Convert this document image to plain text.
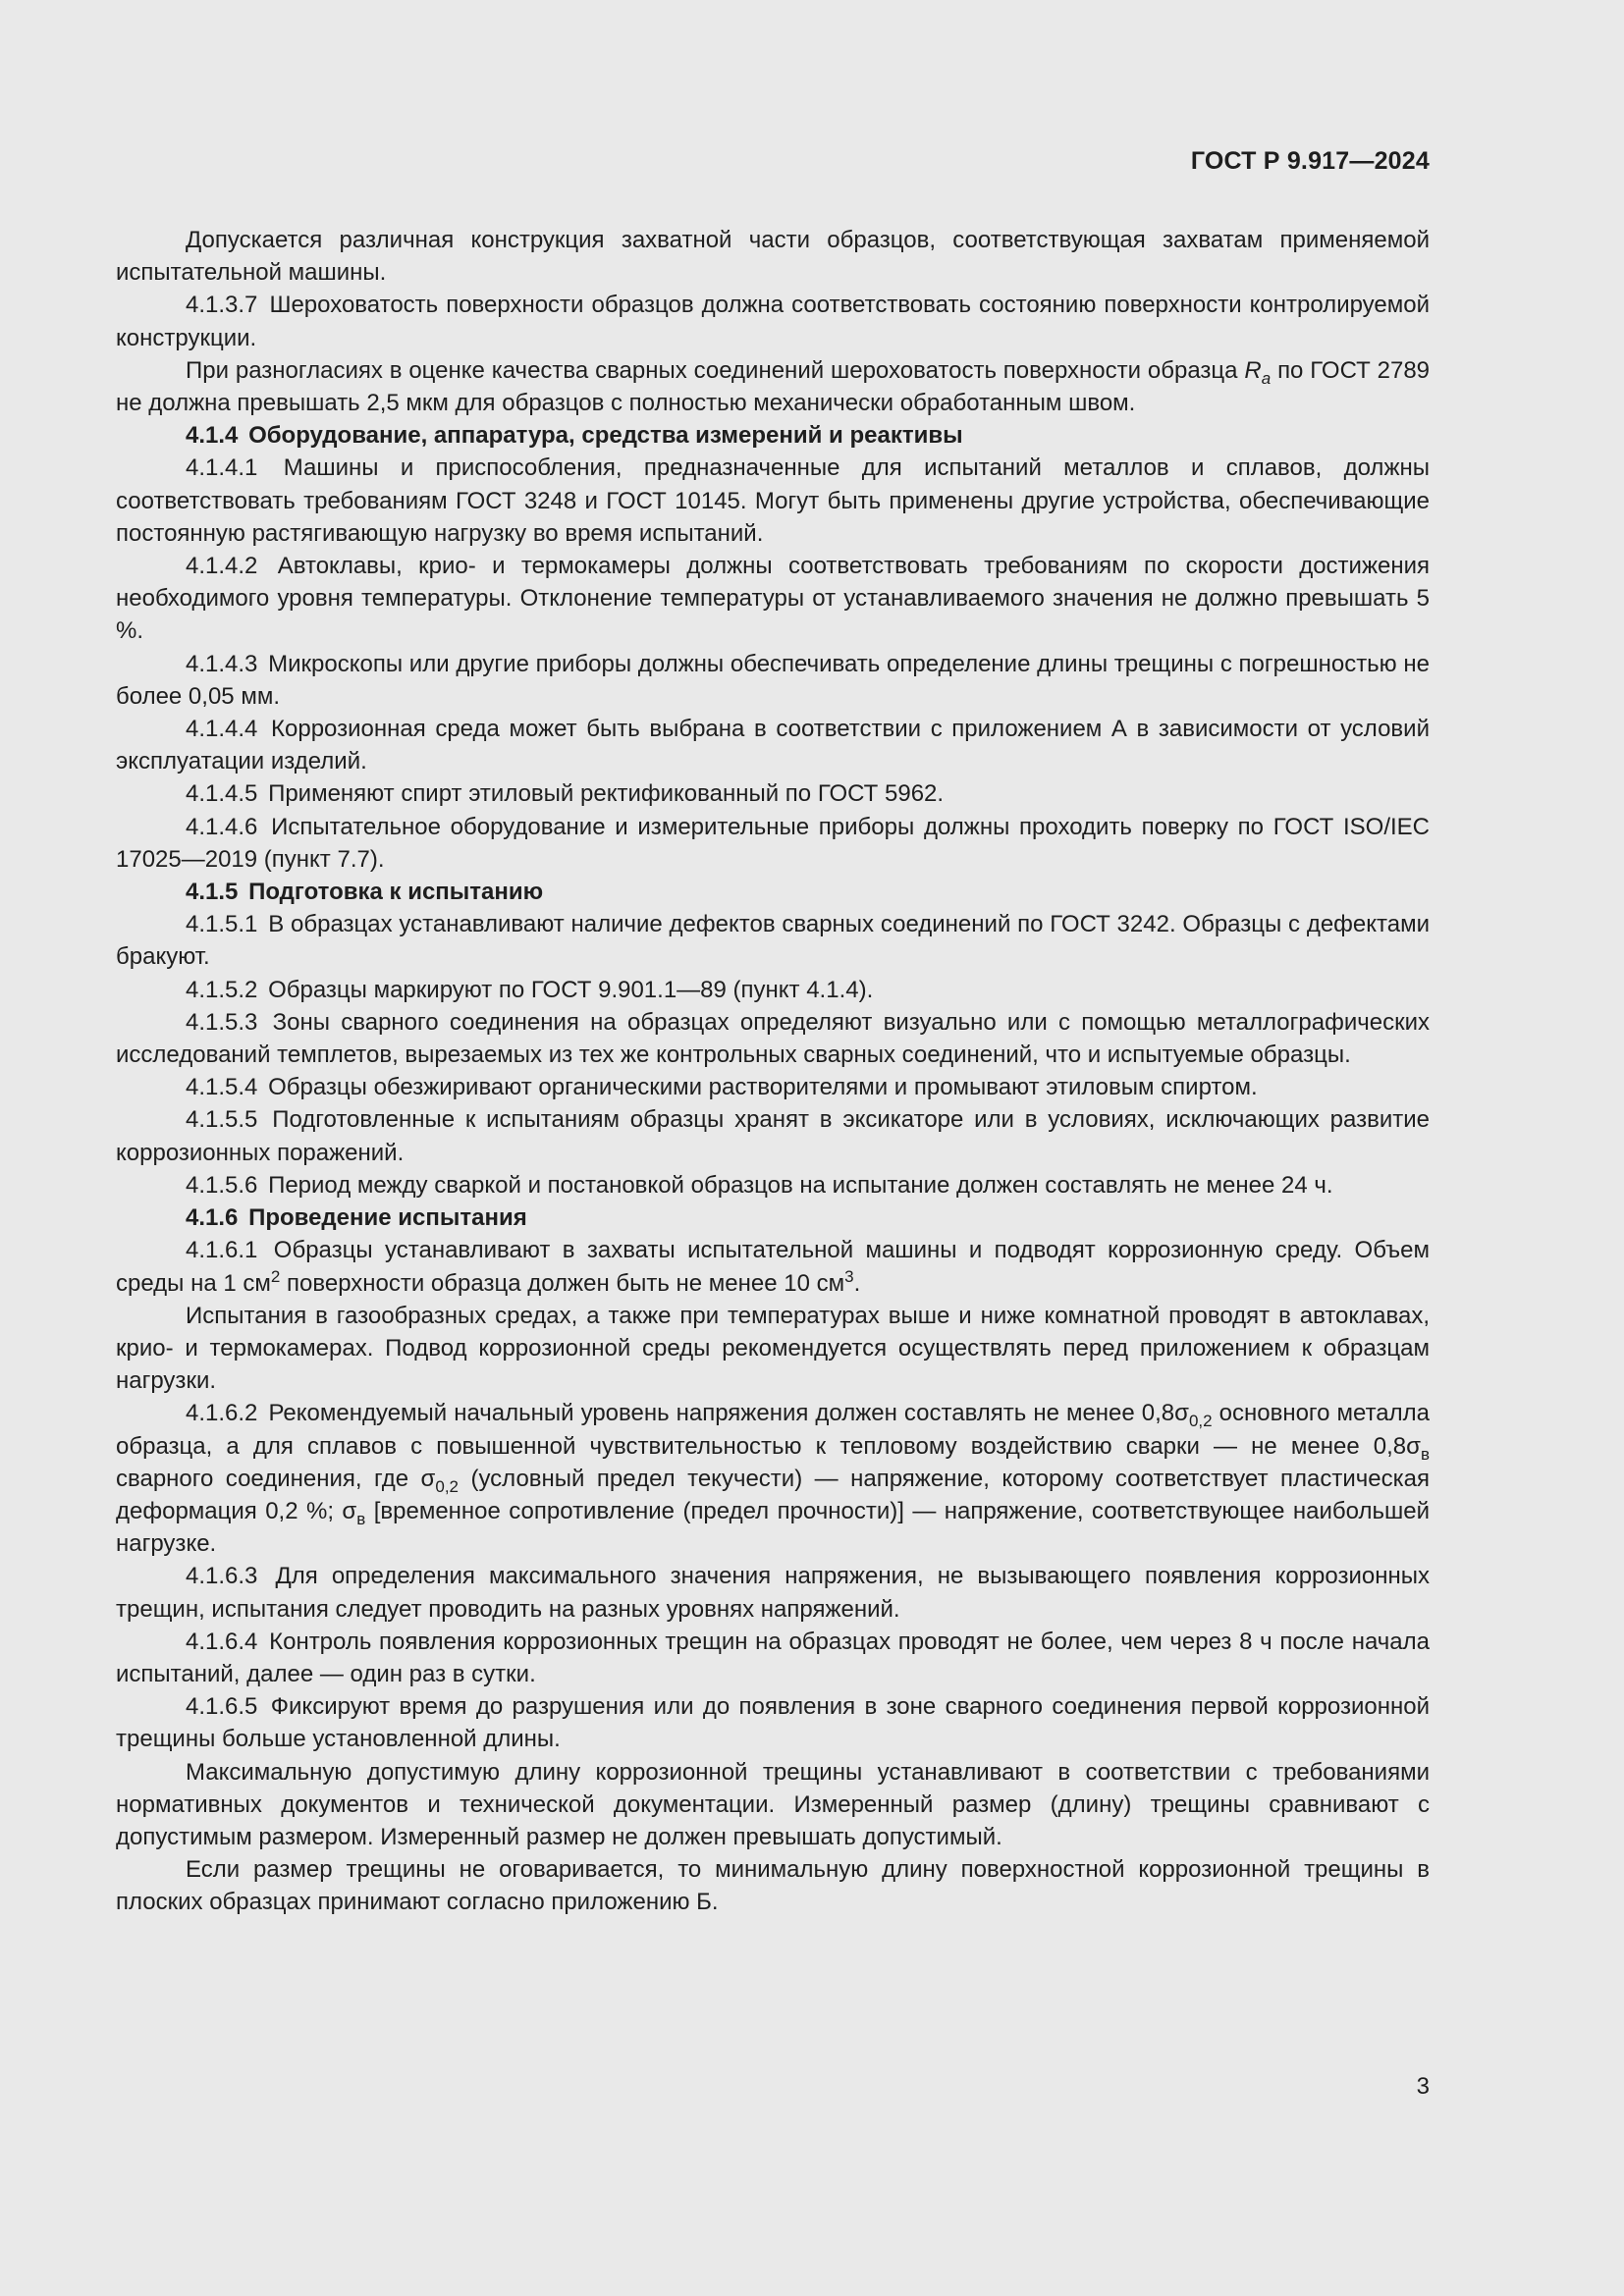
ГОСТ Р 9.917—2024

Допускается различная конструкция захватной части образцов, соответствующая захватам применяемой испытательной машины.

4.1.3.7 Шероховатость поверхности образцов должна соответствовать состоянию поверхности контролируемой конструкции.

При разногласиях в оценке качества сварных соединений шероховатость поверхности образца $R_a$ по ГОСТ 2789 не должна превышать 2,5 мкм для образцов с полностью механически обработанным швом.

4.1.4 Оборудование, аппаратура, средства измерений и реактивы

4.1.4.1 Машины и приспособления, предназначенные для испытаний металлов и сплавов, должны соответствовать требованиям ГОСТ 3248 и ГОСТ 10145. Могут быть применены другие устройства, обеспечивающие постоянную растягивающую нагрузку во время испытаний.

4.1.4.2 Автоклавы, крио- и термокамеры должны соответствовать требованиям по скорости достижения необходимого уровня температуры. Отклонение температуры от устанавливаемого значения не должно превышать 5 %.

4.1.4.3 Микроскопы или другие приборы должны обеспечивать определение длины трещины с погрешностью не более 0,05 мм.

4.1.4.4 Коррозионная среда может быть выбрана в соответствии с приложением А в зависимости от условий эксплуатации изделий.

4.1.4.5 Применяют спирт этиловый ректификованный по ГОСТ 5962.

4.1.4.6 Испытательное оборудование и измерительные приборы должны проходить поверку по ГОСТ ISO/IEC 17025—2019 (пункт 7.7).

4.1.5 Подготовка к испытанию

4.1.5.1 В образцах устанавливают наличие дефектов сварных соединений по ГОСТ 3242. Образцы с дефектами бракуют.

4.1.5.2 Образцы маркируют по ГОСТ 9.901.1—89 (пункт 4.1.4).

4.1.5.3 Зоны сварного соединения на образцах определяют визуально или с помощью металлографических исследований темплетов, вырезаемых из тех же контрольных сварных соединений, что и испытуемые образцы.

4.1.5.4 Образцы обезжиривают органическими растворителями и промывают этиловым спиртом.

4.1.5.5 Подготовленные к испытаниям образцы хранят в эксикаторе или в условиях, исключающих развитие коррозионных поражений.

4.1.5.6 Период между сваркой и постановкой образцов на испытание должен составлять не менее 24 ч.

4.1.6 Проведение испытания

4.1.6.1 Образцы устанавливают в захваты испытательной машины и подводят коррозионную среду. Объем среды на 1 $см^2$ поверхности образца должен быть не менее 10 $см^3$.

Испытания в газообразных средах, а также при температурах выше и ниже комнатной проводят в автоклавах, крио- и термокамерах. Подвод коррозионной среды рекомендуется осуществлять перед приложением к образцам нагрузки.

4.1.6.2 Рекомендуемый начальный уровень напряжения должен составлять не менее $0,8\sigma_{0,2}$ основного металла образца, а для сплавов с повышенной чувствительностью к тепловому воздействию сварки — не менее $0,8\sigma_в$ сварного соединения, где $\sigma_{0,2}$ (условный предел текучести) — напряжение, которому соответствует пластическая деформация 0,2 %; $\sigma_в$ [временное сопротивление (предел прочности)] — напряжение, соответствующее наибольшей нагрузке.

4.1.6.3 Для определения максимального значения напряжения, не вызывающего появления коррозионных трещин, испытания следует проводить на разных уровнях напряжений.

4.1.6.4 Контроль появления коррозионных трещин на образцах проводят не более, чем через 8 ч после начала испытаний, далее — один раз в сутки.

4.1.6.5 Фиксируют время до разрушения или до появления в зоне сварного соединения первой коррозионной трещины больше установленной длины.

Максимальную допустимую длину коррозионной трещины устанавливают в соответствии с требованиями нормативных документов и технической документации. Измеренный размер (длину) трещины сравнивают с допустимым размером. Измеренный размер не должен превышать допустимый.

Если размер трещины не оговаривается, то минимальную длину поверхностной коррозионной трещины в плоских образцах принимают согласно приложению Б.

3
